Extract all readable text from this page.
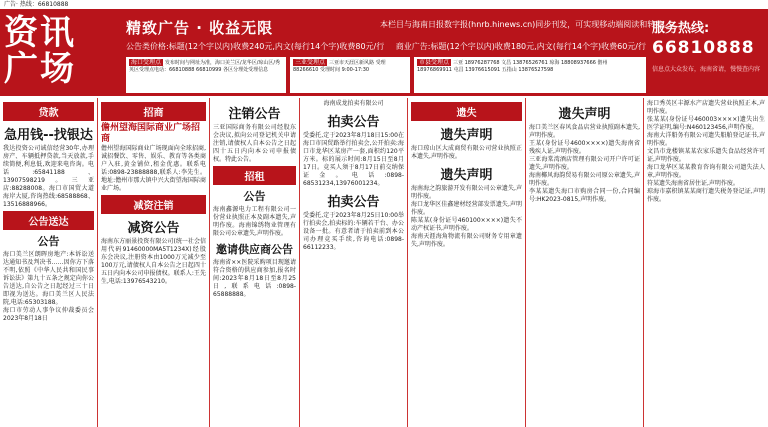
广告· 热线：66810888
资讯
广场
精致广告 · 收益无限	本栏目与海南日报数字报(hnrb.hinews.cn)同步刊发，可实现移动端阅读和转发。
公告类价格:标题(12个字以内)收费240元,内文(每行14个字)收费80元/行 商业广告:标题(12个字以内)收费180元,内文(每行14个字)收费60元/行
服务热线:
66810888
信息点大众发布，海南省请，慢慢查内容
海口受理点 发布时间与网址为准，海口美兰区/龙华区/琼山区/秀英区受理点电话：66810888 66810999 各区分理处受理信息
三亚受理点 三亚市天涯区新风路 受理 88266610 受理时间 9:00-17:30
市县受理点 三亚 18976287768 文昌 13876526761 琼海 18808937666 儋州 18976869911 屯昌 13976615091 五指山 13876527598
贷款
急用钱--找银达
我达投资公司诚信经营30年,办理房产、车辆抵押贷款,当天放款,手续简便,利息低,欢迎来电咨询。电话:65841188、13907598219。三亚店:88288008。海口市国贸大道海岸大厦,咨询热线:68588868、13516888966。
公告送达
公告
海口美兰区朗晖房地产:本诉讼送达通知书及判决书……因你方下落不明,依照《中华人民共和国民事诉讼法》第九十五条之规定向你公告送达,自公告之日起经过三十日即视为送达。海口美兰区人民法院,电话:65303188。
海口市劳动人事争议仲裁委员会 2023年8月18日
招商
儋州望海国际商业广场招商
儋州望海国际商业广场现面向全球招商,诚招餐饮、零售、娱乐、教育等各类商户入驻,黄金铺位,租金优惠。联系电话:0898-23888888,联系人:李先生。地址:儋州市那大镇中兴大街望海国际商业广场。
减资注销
减资公告
海南东方丽景投资有限公司(统一社会信用代码91460000MA5T1234X)经股东会决议,注册资本由1000万元减少至100万元,请债权人自本公告之日起四十五日内向本公司申报债权。联系人:王先生,电话:13976543210。
注销公告
三亚国际商务有限公司经股东会决议,拟向公司登记机关申请注销,请债权人自本公告之日起四十五日内向本公司申报债权。特此公告。
招租
公告
海南鑫源电力工程有限公司一份营业执照正本及副本遗失,声明作废。海南锦绣物业管理有限公司公章遗失,声明作废。
邀请供应商公告
海南省××医院采购项目现邀请符合资格的供应商参加,报名时间:2023年8月18日至8月25日,联系电话:0898-65888888。
海南成龙拍卖有限公司
拍卖公告
受委托,定于2023年8月18日15:00在海口市国贸路举行拍卖会,公开拍卖:海口市龙华区某房产一套,面积约120平方米。标的展示时间:8月15日至8月17日。竞买人须于8月17日前交纳保证金。电话:0898-68531234,13976001234。
拍卖公告
受委托,定于2023年8月25日10:00举行拍卖会,拍卖标的:车辆若干台、办公设备一批。有意者请于拍卖前到本公司办理竞买手续,咨询电话:0898-66112233。
遗失
遗失声明
海口琼山区大成商贸有限公司营业执照正本遗失,声明作废。
遗失声明
海南海之韵旅游开发有限公司公章遗失,声明作废。
海口龙华区佳鑫建材经营部发票遗失,声明作废。
陈某某(身份证号460100××××)遗失不动产权证书,声明作废。
海南天涯海角物流有限公司财务专用章遗失,声明作废。
遗失声明
海口美兰区春风食品店营业执照副本遗失,声明作废。
王某(身份证号4600××××)遗失海南省残疾人证,声明作废。
三亚海棠湾酒店管理有限公司开户许可证遗失,声明作废。
海南椰风海韵贸易有限公司原公章遗失,声明作废。
李某某遗失海口市购房合同一份,合同编号:HK2023-0815,声明作废。
海口秀英区丰源水产店遗失营业执照正本,声明作废。
张某某(身份证号460003××××)遗失出生医学证明,编号:N460123456,声明作废。
海南大洋船务有限公司遗失船舶登记证书,声明作废。
文昌市龙楼镇某某农家乐遗失食品经营许可证,声明作废。
海口龙华区某某教育咨询有限公司遗失法人章,声明作废。
符某遗失海南省居住证,声明作废。
琼海市嘉积镇某某商行遗失税务登记证,声明作废。
